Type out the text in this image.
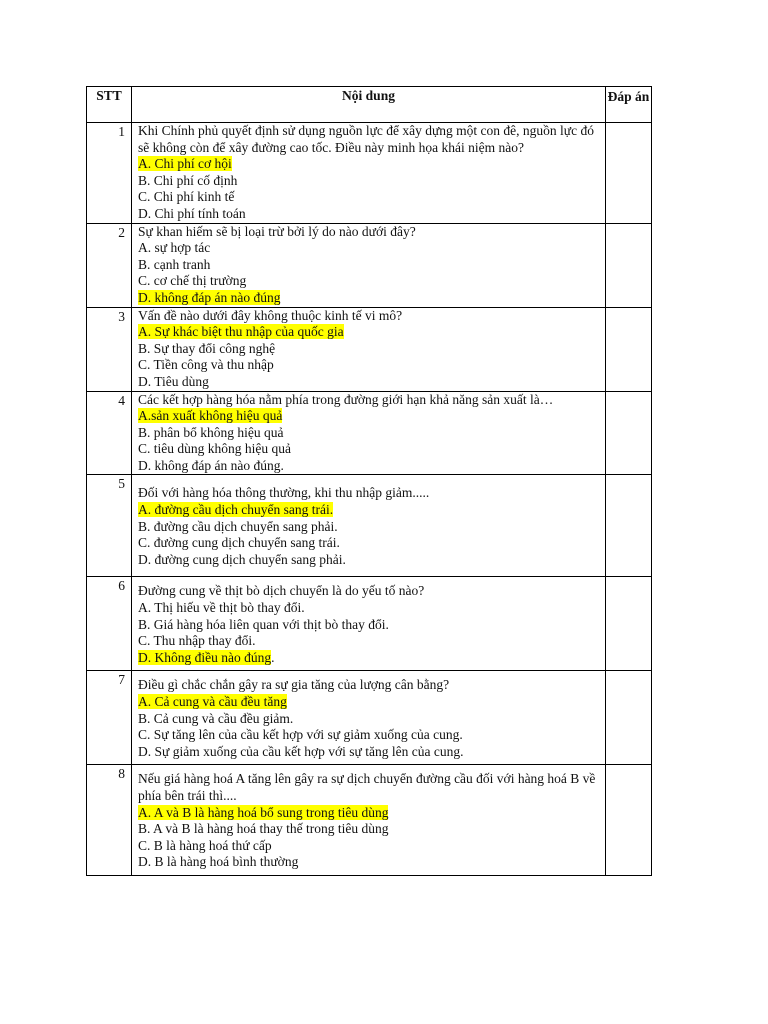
STT	Nội dung	Đáp án
1	Khi Chính phủ quyết định sử dụng nguồn lực để xây dựng một con đê, nguồn lực đó sẽ không còn để xây đường cao tốc. Điều này minh họa khái niệm nào?
A. Chi phí cơ hội
B. Chi phí cố định
C. Chi phí kinh tế
D. Chi phí tính toán	

2	Sự khan hiếm sẽ bị loại trừ bởi lý do nào dưới đây?
A. sự hợp tác
B. cạnh tranh
C. cơ chế thị trường
D. không đáp án nào đúng	

3	Vấn đề nào dưới đây không thuộc kinh tế vi mô?
A. Sự khác biệt thu nhập của quốc gia
B. Sự thay đổi công nghệ
C. Tiền công và thu nhập
D. Tiêu dùng	

4	Các kết hợp hàng hóa nằm phía trong đường giới hạn khả năng sản xuất là…
A.sản xuất không hiệu quả
B. phân bổ không hiệu quả
C. tiêu dùng không hiệu quả
D. không đáp án nào đúng.	

5	Đối với hàng hóa thông thường, khi thu nhập giảm.....
A. đường cầu dịch chuyển sang trái.
B. đường cầu dịch chuyển sang phải.
C. đường cung dịch chuyển sang trái.
D. đường cung dịch chuyển sang phải.	

6	Đường cung về thịt bò dịch chuyển là do yếu tố nào?
A. Thị hiếu về thịt bò thay đổi.
B. Giá hàng hóa liên quan với thịt bò thay đổi.
C. Thu nhập thay đổi.
D. Không điều nào đúng.	

7	Điều gì chắc chắn gây ra sự gia tăng của lượng cân bằng?
A. Cả cung và cầu đều tăng
B. Cả cung và cầu đều giảm.
C. Sự tăng lên của cầu kết hợp với sự giảm xuống của cung.
D. Sự giảm xuống của cầu kết hợp với sự tăng lên của cung.	

8	Nếu giá hàng hoá A tăng lên gây ra sự dịch chuyển đường cầu đối với hàng hoá B về phía bên trái thì....
A. A và B là hàng hoá bổ sung trong tiêu dùng
B. A và B là hàng hoá thay thế trong tiêu dùng
C. B là hàng hoá thứ cấp
D. B là hàng hoá bình thường	
